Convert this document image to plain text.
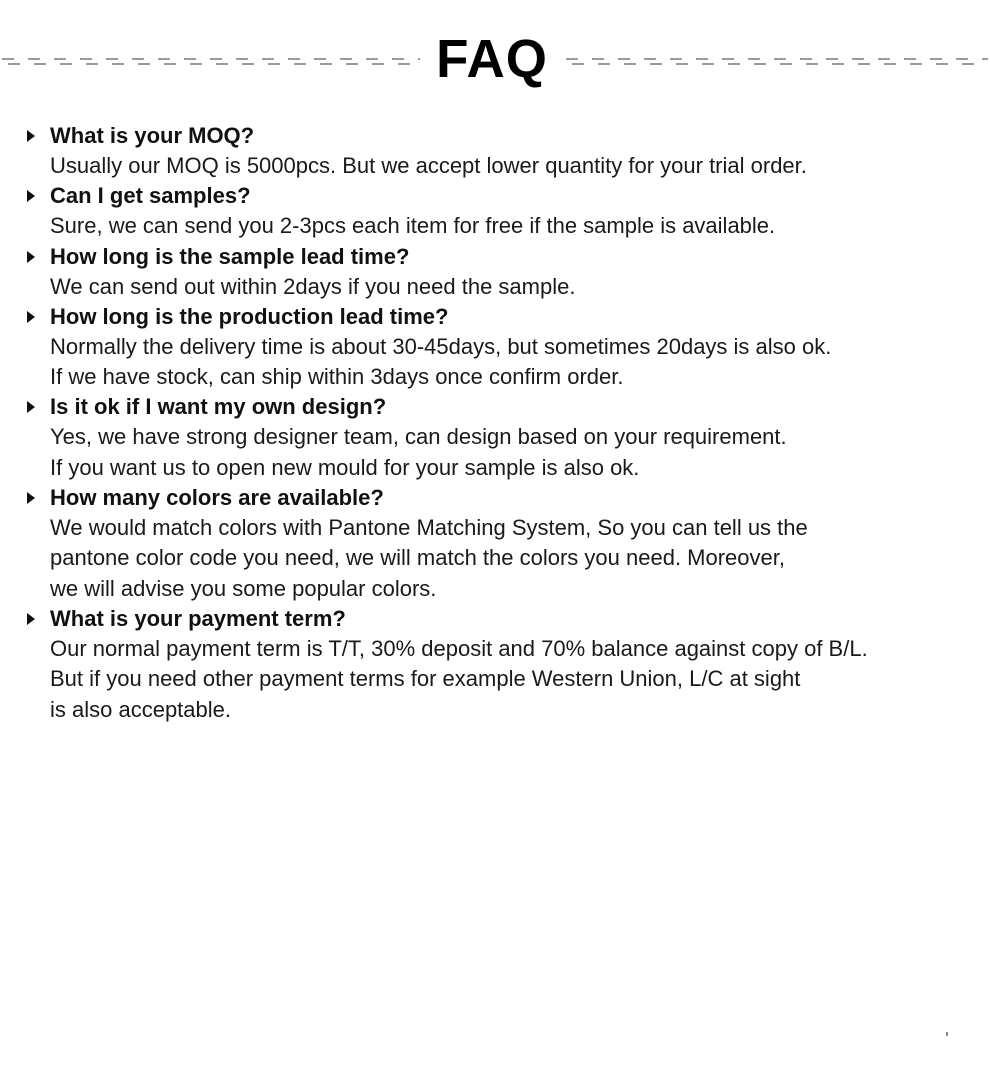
FAQ
What is your MOQ?
Usually our MOQ is 5000pcs. But we accept lower quantity for your trial order.
Can I get samples?
Sure, we can send you 2-3pcs each item for free if the sample is available.
How long is the sample lead time?
We can send out within 2days if you need the sample.
How long is the production lead time?
Normally the delivery time is about 30-45days, but sometimes 20days is also ok.
If we have stock, can ship within 3days once confirm order.
Is it ok if I want my own design?
Yes, we have strong designer team, can design based on your requirement.
If you want us to open new mould for your sample is also ok.
How many colors are available?
We would match colors with Pantone Matching System, So you can tell us the
pantone color code you need, we will match the colors you need. Moreover,
we will advise you some popular colors.
What is your payment term?
Our normal payment term is T/T, 30% deposit and 70% balance against copy of B/L.
But if you need other payment terms for example Western Union, L/C at sight
is also acceptable.
